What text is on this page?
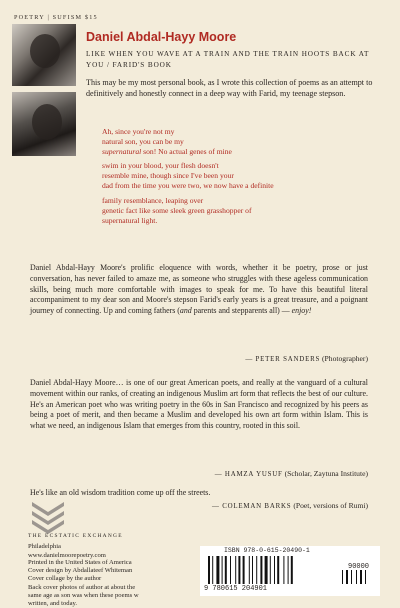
POETRY | SUFISM $15
Daniel Abdal-Hayy Moore
LIKE WHEN YOU WAVE AT A TRAIN AND THE TRAIN HOOTS BACK AT YOU / FARID'S BOOK
This may be my most personal book, as I wrote this collection of poems as an attempt to definitively and honestly connect in a deep way with Farid, my teenage stepson.
Ah, since you're not my
natural son, you can be my
supernatural son! No actual genes of mine
swim in your blood, your flesh doesn't
resemble mine, though since I've been your
dad from the time you were two, we now have a definite
family resemblance, leaping over
genetic fact like some sleek green grasshopper of
supernatural light.
Daniel Abdal-Hayy Moore's prolific eloquence with words, whether it be poetry, prose or just conversation, has never failed to amaze me, as someone who struggles with these ageless communication skills, being much more comfortable with images to speak for me. To have this beautiful literal accompaniment to my dear son and Moore's stepson Farid's early years is a great treasure, and a poignant journey of connecting. Up and coming fathers (and parents and stepparents all) — enjoy!
— PETER SANDERS (Photographer)
Daniel Abdal-Hayy Moore… is one of our great American poets, and really at the vanguard of a cultural movement within our ranks, of creating an indigenous Muslim art form that reflects the best of our culture. He's an American poet who was writing poetry in the 60s in San Francisco and recognized by his peers as being a poet of merit, and then became a Muslim and developed his own art form within Islam. This is what we need, an indigenous Islam that emerges from this country, rooted in this soil.
— HAMZA YUSUF (Scholar, Zaytuna Institute)
He's like an old wisdom tradition come up off the streets.
— COLEMAN BARKS (Poet, versions of Rumi)
THE ECSTATIC EXCHANGE
Philadelphia
www.danielmoorepoetry.com
Printed in the United States of America
Cover design by Abdallateef Whiteman
Cover collage by the author
Back cover photos of author at about the
same age as son was when these poems w
written, and today.
ISBN 978-0-615-20490-1
90000
9 780615 204901
